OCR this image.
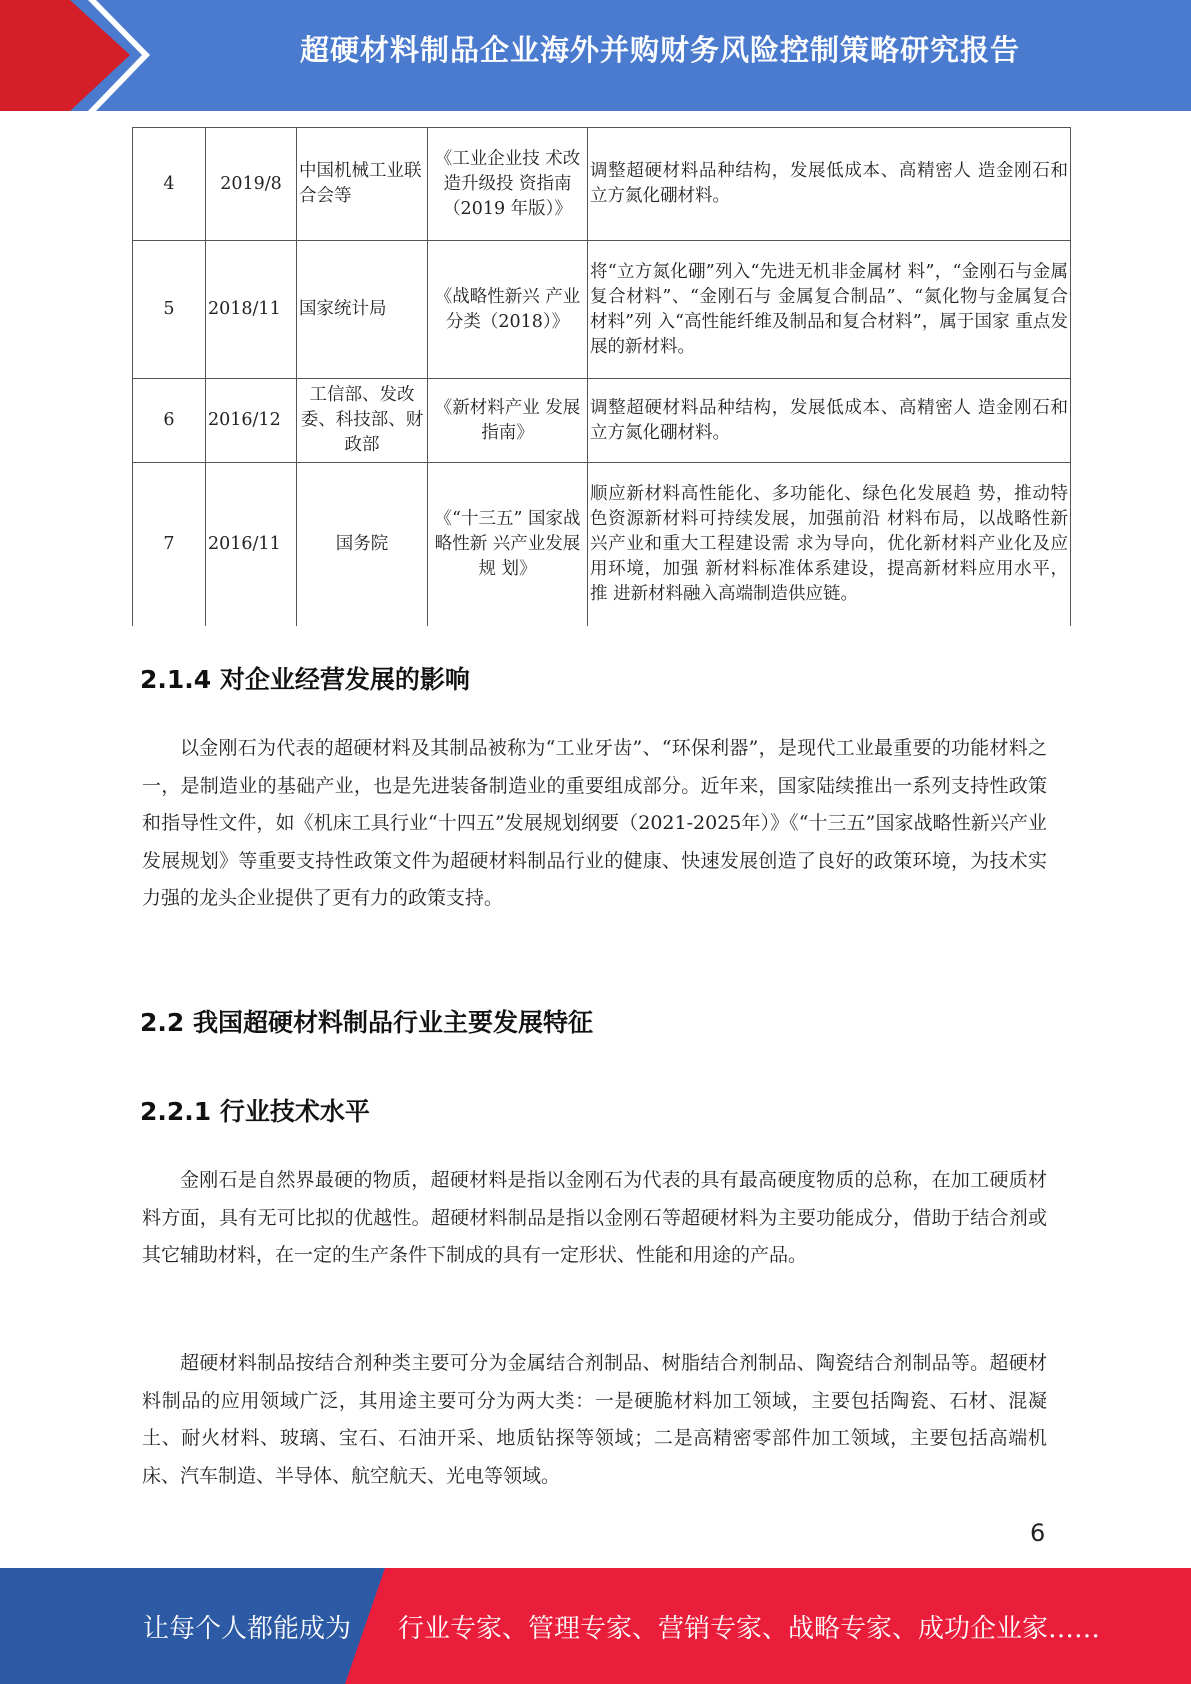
超硬材料制品企业海外并购财务风险控制策略研究报告
4	2019/8	中国机械工业联合会等	《工业企业技 术改造升级投 资指南（2019 年版）》	调整超硬材料品种结构，发展低成本、高精密人 造金刚石和立方氮化硼材料。
5	2018/11	国家统计局	《战略性新兴 产业分类（2018）》	将“立方氮化硼”列入“先进无机非金属材 料”，“金刚石与金属复合材料”、“金刚石与 金属复合制品”、“氮化物与金属复合材料”列 入“高性能纤维及制品和复合材料”，属于国家 重点发展的新材料。
6	2016/12	工信部、发改委、科技部、财政部	《新材料产业 发展指南》	调整超硬材料品种结构，发展低成本、高精密人 造金刚石和立方氮化硼材料。
7	2016/11	国务院	《“十三五” 国家战略性新 兴产业发展规 划》	顺应新材料高性能化、多功能化、绿色化发展趋 势，推动特色资源新材料可持续发展，加强前沿 材料布局，以战略性新兴产业和重大工程建设需 求为导向，优化新材料产业化及应用环境，加强 新材料标准体系建设，提高新材料应用水平，推 进新材料融入高端制造供应链。
2.1.4 对企业经营发展的影响

以金刚石为代表的超硬材料及其制品被称为“工业牙齿”、“环保利器”，是现代工业最重要的功能材料之一，是制造业的基础产业，也是先进装备制造业的重要组成部分。近年来，国家陆续推出一系列支持性政策和指导性文件，如《机床工具行业“十四五”发展规划纲要（2021-2025年）》《“十三五”国家战略性新兴产业发展规划》等重要支持性政策文件为超硬材料制品行业的健康、快速发展创造了良好的政策环境，为技术实力强的龙头企业提供了更有力的政策支持。

2.2 我国超硬材料制品行业主要发展特征
2.2.1 行业技术水平

金刚石是自然界最硬的物质，超硬材料是指以金刚石为代表的具有最高硬度物质的总称，在加工硬质材料方面，具有无可比拟的优越性。超硬材料制品是指以金刚石等超硬材料为主要功能成分，借助于结合剂或其它辅助材料，在一定的生产条件下制成的具有一定形状、性能和用途的产品。

超硬材料制品按结合剂种类主要可分为金属结合剂制品、树脂结合剂制品、陶瓷结合剂制品等。超硬材料制品的应用领域广泛，其用途主要可分为两大类：一是硬脆材料加工领域，主要包括陶瓷、石材、混凝土、耐火材料、玻璃、宝石、石油开采、地质钻探等领域；二是高精密零部件加工领域，主要包括高端机床、汽车制造、半导体、航空航天、光电等领域。

6
让每个人都能成为 行业专家、管理专家、营销专家、战略专家、成功企业家……
